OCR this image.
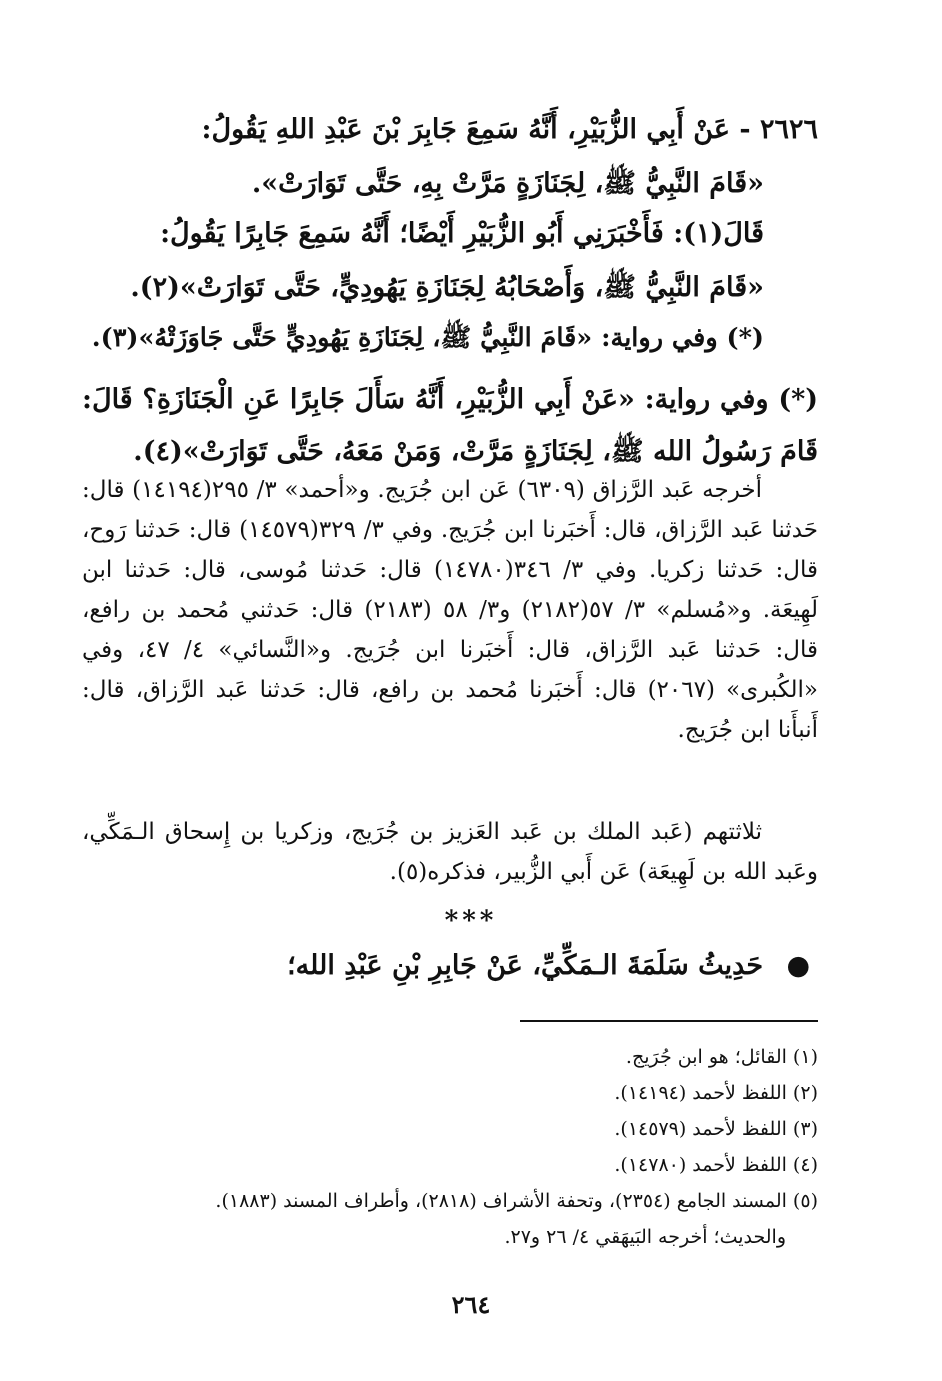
٢٦٢٦ - عَنْ أَبِي الزُّبَيْرِ، أَنَّهُ سَمِعَ جَابِرَ بْنَ عَبْدِ اللهِ يَقُولُ:
«قَامَ النَّبِيُّ ﷺ، لِجَنَازَةٍ مَرَّتْ بِهِ، حَتَّى تَوَارَتْ».
قَالَ(١): فَأَخْبَرَنِي أَبُو الزُّبَيْرِ أَيْضًا؛ أَنَّهُ سَمِعَ جَابِرًا يَقُولُ:
«قَامَ النَّبِيُّ ﷺ، وَأَصْحَابُهُ لِجَنَازَةِ يَهُودِيٍّ، حَتَّى تَوَارَتْ»(٢).
(*) وفي رواية: «قَامَ النَّبِيُّ ﷺ، لِجَنَازَةِ يَهُودِيٍّ حَتَّى جَاوَزَتْهُ»(٣).
(*) وفي رواية: «عَنْ أَبِي الزُّبَيْرِ، أَنَّهُ سَأَلَ جَابِرًا عَنِ الْجَنَازَةِ؟ قَالَ: قَامَ رَسُولُ الله ﷺ، لِجَنَازَةٍ مَرَّتْ، وَمَنْ مَعَهُ، حَتَّى تَوَارَتْ»(٤).
أخرجه عَبد الرَّزاق (٦٣٠٩) عَن ابن جُرَيج. و«أحمد» ٣/ ٢٩٥(١٤١٩٤) قال: حَدثنا عَبد الرَّزاق، قال: أَخبَرنا ابن جُرَيج. وفي ٣/ ٣٢٩(١٤٥٧٩) قال: حَدثنا رَوح، قال: حَدثنا زكريا. وفي ٣/ ٣٤٦(١٤٧٨٠) قال: حَدثنا مُوسى، قال: حَدثنا ابن لَهِيعَة. و«مُسلم» ٣/ ٥٧(٢١٨٢) و٣/ ٥٨ (٢١٨٣) قال: حَدثني مُحمد بن رافع، قال: حَدثنا عَبد الرَّزاق، قال: أَخبَرنا ابن جُرَيج. و«النَّسائي» ٤/ ٤٧، وفي «الكُبرى» (٢٠٦٧) قال: أَخبَرنا مُحمد بن رافع، قال: حَدثنا عَبد الرَّزاق، قال: أَنبأَنا ابن جُرَيج.
ثلاثتهم (عَبد الملك بن عَبد العَزيز بن جُرَيج، وزكريا بن إِسحاق الـمَكِّي، وعَبد الله بن لَهِيعَة) عَن أَبي الزُّبير، فذكره(٥).
***
● حَدِيثُ سَلَمَةَ الـمَكِّيِّ، عَنْ جَابِرِ بْنِ عَبْدِ الله؛
(١) القائل؛ هو ابن جُرَيج.
(٢) اللفظ لأحمد (١٤١٩٤).
(٣) اللفظ لأحمد (١٤٥٧٩).
(٤) اللفظ لأحمد (١٤٧٨٠).
(٥) المسند الجامع (٢٣٥٤)، وتحفة الأشراف (٢٨١٨)، وأطراف المسند (١٨٨٣).
والحديث؛ أخرجه البَيهَقي ٤/ ٢٦ و٢٧.
٢٦٤
